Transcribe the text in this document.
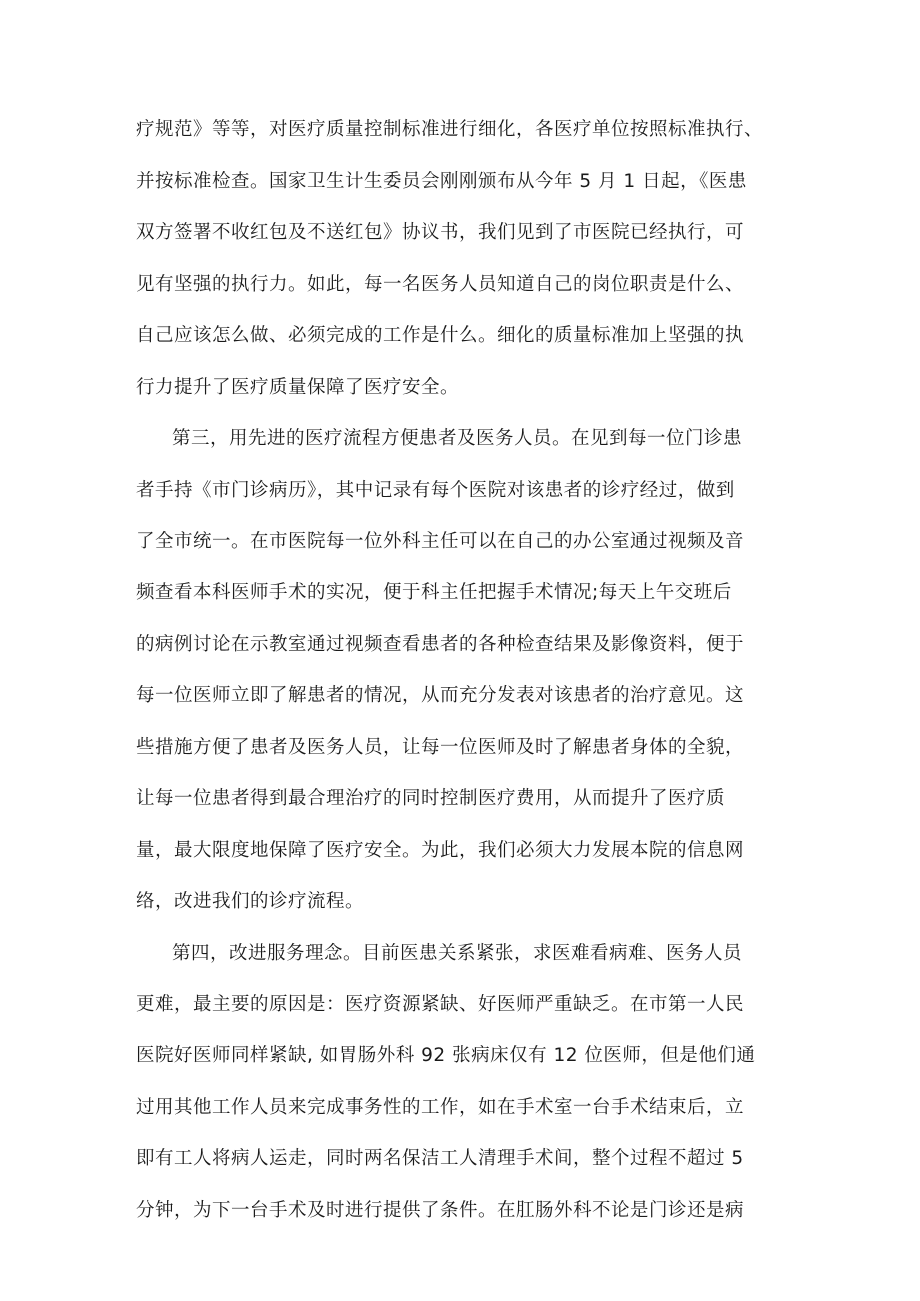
疗规范》等等，对医疗质量控制标准进行细化，各医疗单位按照标准执行、

并按标准检查。国家卫生计生委员会刚刚颁布从今年 5 月 1 日起，《医患

双方签署不收红包及不送红包》协议书，我们见到了市医院已经执行，可

见有坚强的执行力。如此，每一名医务人员知道自己的岗位职责是什么、

自己应该怎么做、必须完成的工作是什么。细化的质量标准加上坚强的执

行力提升了医疗质量保障了医疗安全。

第三，用先进的医疗流程方便患者及医务人员。在见到每一位门诊患

者手持《市门诊病历》，其中记录有每个医院对该患者的诊疗经过，做到

了全市统一。在市医院每一位外科主任可以在自己的办公室通过视频及音

频查看本科医师手术的实况，便于科主任把握手术情况;每天上午交班后

的病例讨论在示教室通过视频查看患者的各种检查结果及影像资料，便于

每一位医师立即了解患者的情况，从而充分发表对该患者的治疗意见。这

些措施方便了患者及医务人员，让每一位医师及时了解患者身体的全貌，

让每一位患者得到最合理治疗的同时控制医疗费用，从而提升了医疗质

量，最大限度地保障了医疗安全。为此，我们必须大力发展本院的信息网

络，改进我们的诊疗流程。

第四，改进服务理念。目前医患关系紧张，求医难看病难、医务人员

更难，最主要的原因是：医疗资源紧缺、好医师严重缺乏。在市第一人民

医院好医师同样紧缺, 如胃肠外科 92 张病床仅有 12 位医师，但是他们通

过用其他工作人员来完成事务性的工作，如在手术室一台手术结束后，立

即有工人将病人运走，同时两名保洁工人清理手术间，整个过程不超过 5

分钟，为下一台手术及时进行提供了条件。在肛肠外科不论是门诊还是病
